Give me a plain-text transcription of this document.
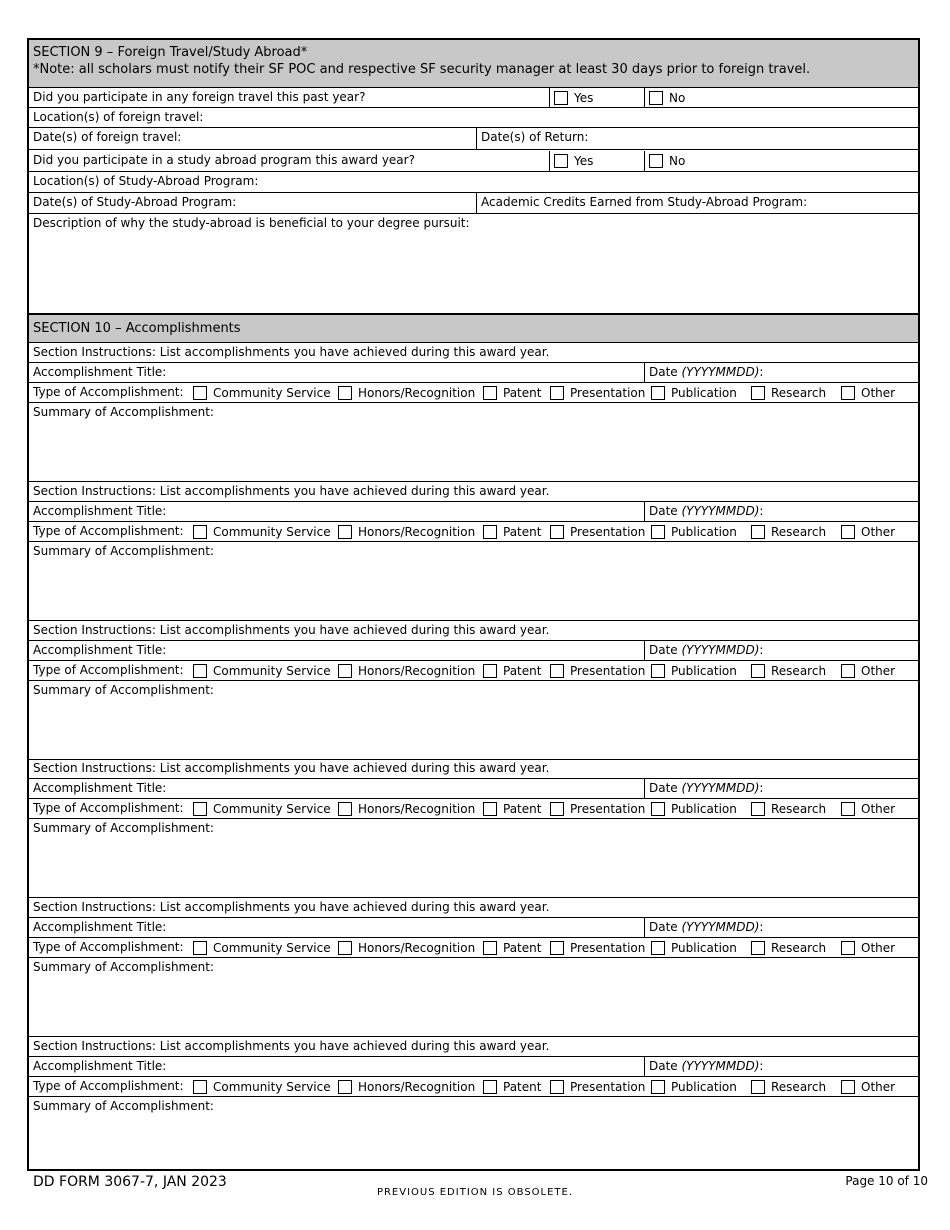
SECTION 9 – Foreign Travel/Study Abroad*
*Note: all scholars must notify their SF POC and respective SF security manager at least 30 days prior to foreign travel.
Did you participate in any foreign travel this past year?	Yes	No
Location(s) of foreign travel:
Date(s) of foreign travel:	Date(s) of Return:
Did you participate in a study abroad program this award year?	Yes	No
Location(s) of Study-Abroad Program:
Date(s) of Study-Abroad Program:	Academic Credits Earned from Study-Abroad Program:
Description of why the study-abroad is beneficial to your degree pursuit:
SECTION 10 – Accomplishments
Section Instructions: List accomplishments you have achieved during this award year.
Accomplishment Title:	Date (YYYYMMDD):
Type of Accomplishment:	Community Service	Honors/Recognition	Patent	Presentation	Publication	Research	Other
Summary of Accomplishment:
Section Instructions: List accomplishments you have achieved during this award year.
Accomplishment Title:	Date (YYYYMMDD):
Type of Accomplishment:	Community Service	Honors/Recognition	Patent	Presentation	Publication	Research	Other
Summary of Accomplishment:
Section Instructions: List accomplishments you have achieved during this award year.
Accomplishment Title:	Date (YYYYMMDD):
Type of Accomplishment:	Community Service	Honors/Recognition	Patent	Presentation	Publication	Research	Other
Summary of Accomplishment:
Section Instructions: List accomplishments you have achieved during this award year.
Accomplishment Title:	Date (YYYYMMDD):
Type of Accomplishment:	Community Service	Honors/Recognition	Patent	Presentation	Publication	Research	Other
Summary of Accomplishment:
Section Instructions: List accomplishments you have achieved during this award year.
Accomplishment Title:	Date (YYYYMMDD):
Type of Accomplishment:	Community Service	Honors/Recognition	Patent	Presentation	Publication	Research	Other
Summary of Accomplishment:
Section Instructions: List accomplishments you have achieved during this award year.
Accomplishment Title:	Date (YYYYMMDD):
Type of Accomplishment:	Community Service	Honors/Recognition	Patent	Presentation	Publication	Research	Other
Summary of Accomplishment:
DD FORM 3067-7, JAN 2023
PREVIOUS EDITION IS OBSOLETE.
Page 10 of 10
